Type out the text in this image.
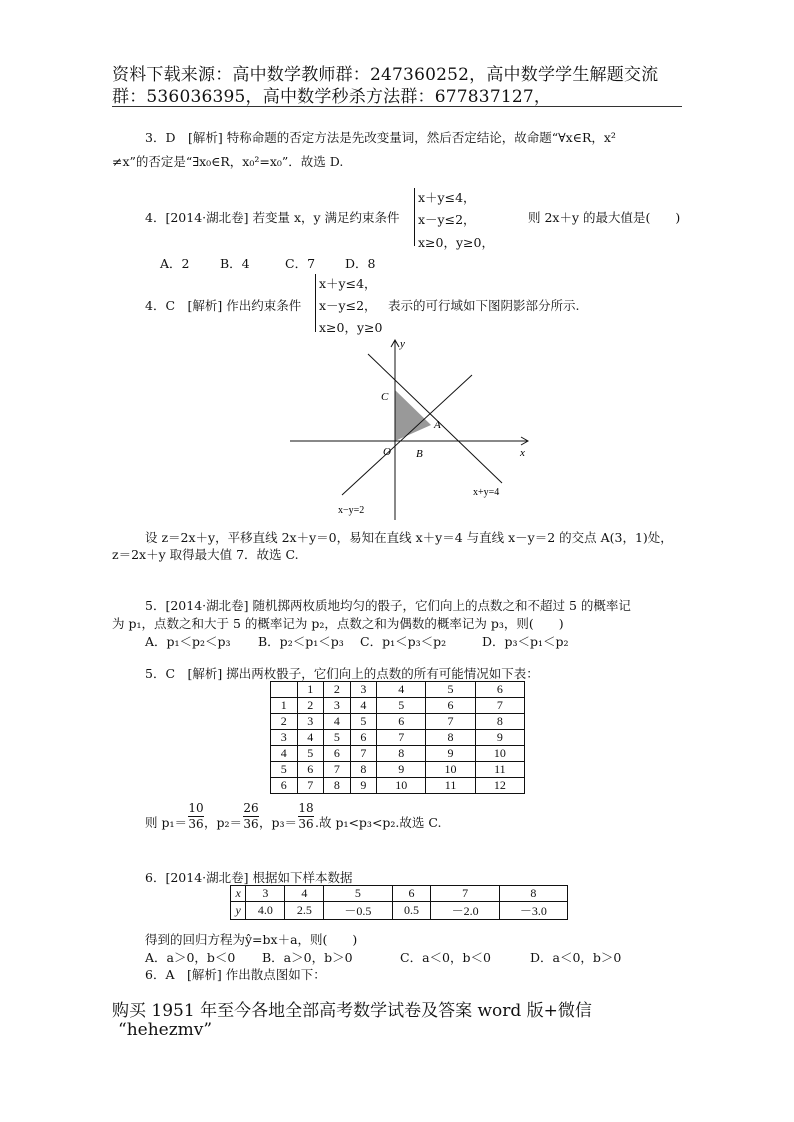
资料下载来源：高中数学教师群：247360252，高中数学学生解题交流
群：536036395，高中数学秒杀方法群：677837127，
3．D　[解析] 特称命题的否定方法是先改变量词，然后否定结论，故命题“∀x∈R，x²
≠x”的否定是“∃x₀∈R，x₀²=x₀”．故选 D.
4．[2014·湖北卷] 若变量 x，y 满足约束条件
x＋y≤4，
x－y≤2，
x≥0，y≥0，
则 2x＋y 的最大值是(　　)
A．2 B．4	C．7 D．8
4．C　[解析] 作出约束条件
x＋y≤4，
x－y≤2，
x≥0，y≥0
表示的可行域如下图阴影部分所示.
y
x
O
C
A
B
x+y=4
x−y=2
设 z＝2x＋y，平移直线 2x＋y＝0，易知在直线 x＋y＝4 与直线 x－y＝2 的交点 A(3，1)处，
z＝2x＋y 取得最大值 7．故选 C.
5．[2014·湖北卷] 随机掷两枚质地均匀的骰子，它们向上的点数之和不超过 5 的概率记
为 p₁，点数之和大于 5 的概率记为 p₂，点数之和为偶数的概率记为 p₃，则(　　)
A．p₁＜p₂＜p₃ B．p₂＜p₁＜p₃ C．p₁＜p₃＜p₂	D．p₃＜p₁＜p₂
5．C　[解析] 掷出两枚骰子，它们向上的点数的所有可能情况如下表：
	1	2	3	4	5	6
1	2	3	4	5	6	7
2	3	4	5	6	7	8
3	4	5	6	7	8	9
4	5	6	7	8	9	10
5	6	7	8	9	10	11
6	7	8	9	10	11	12
则 $p_1= \frac{10}{36}$ ，$p_2= \frac{26}{36}$ ，$p_3= \frac{18}{36}$ .故 p₁<p₃<p₂.故选 C.
6．[2014·湖北卷] 根据如下样本数据
x	3	4	5	6	7	8
y	4.0	2.5	－0.5	0.5	－2.0	－3.0
得到的回归方程为ŷ=bx＋a，则(　　)
A．a＞0，b＜0 B．a＞0，b＞0	C．a＜0，b＜0	D．a＜0，b＞0
6．A　[解析] 作出散点图如下：
购买 1951 年至今各地全部高考数学试卷及答案 word 版+微信
“hehezmv”
